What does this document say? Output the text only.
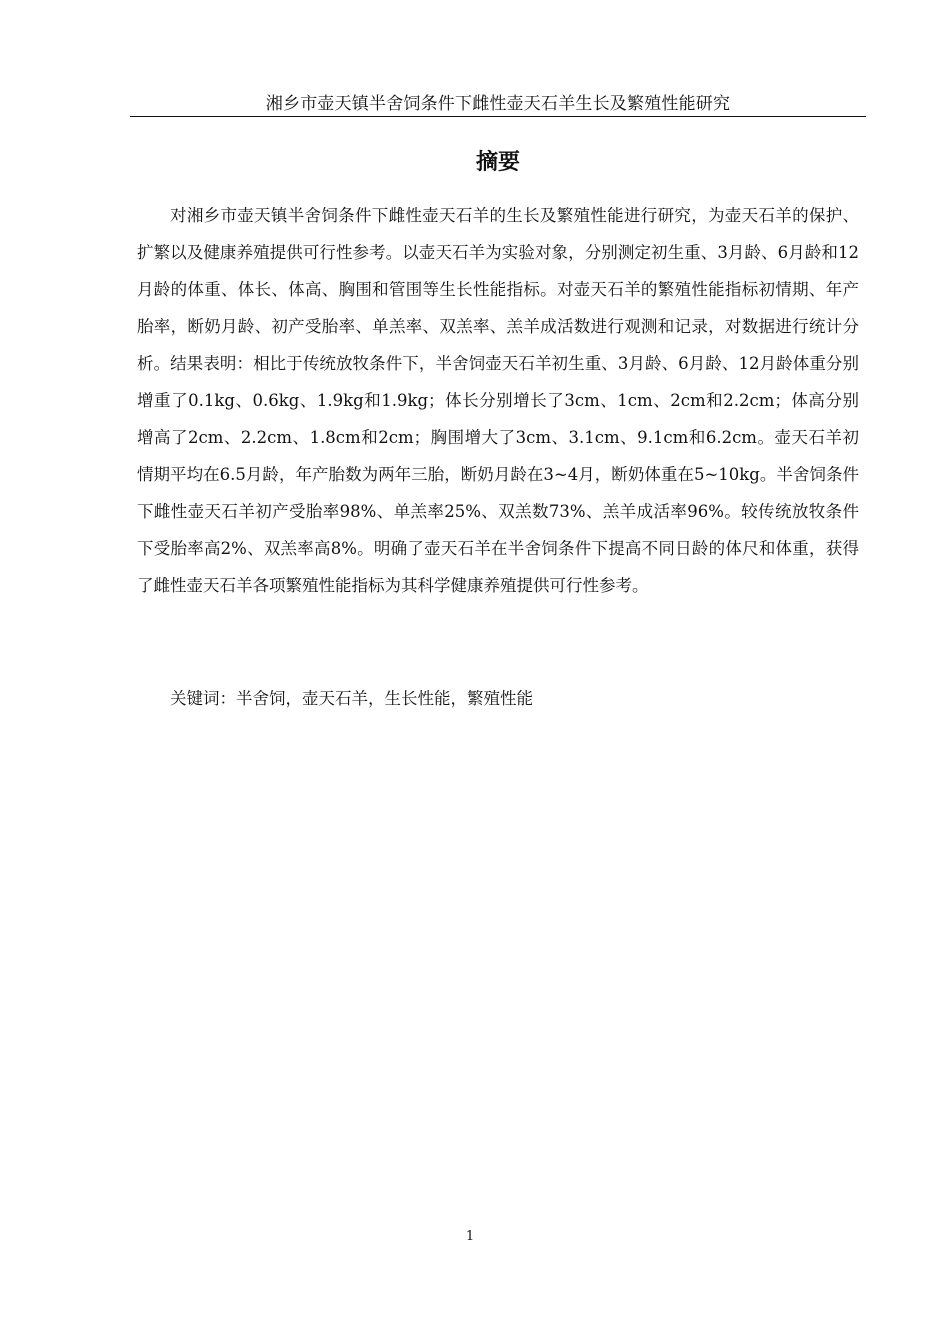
湘乡市壶天镇半舍饲条件下雌性壶天石羊生长及繁殖性能研究
摘要

对湘乡市壶天镇半舍饲条件下雌性壶天石羊的生长及繁殖性能进行研究，为壶天石羊的保护、扩繁以及健康养殖提供可行性参考。以壶天石羊为实验对象，分别测定初生重、3月龄、6月龄和12月龄的体重、体长、体高、胸围和管围等生长性能指标。对壶天石羊的繁殖性能指标初情期、年产胎率，断奶月龄、初产受胎率、单羔率、双羔率、羔羊成活数进行观测和记录，对数据进行统计分析。结果表明：相比于传统放牧条件下，半舍饲壶天石羊初生重、3月龄、6月龄、12月龄体重分别增重了0.1kg、0.6kg、1.9kg和1.9kg；体长分别增长了3cm、1cm、2cm和2.2cm；体高分别增高了2cm、2.2cm、1.8cm和2cm；胸围增大了3cm、3.1cm、9.1cm和6.2cm。壶天石羊初情期平均在6.5月龄，年产胎数为两年三胎，断奶月龄在3~4月，断奶体重在5~10kg。半舍饲条件下雌性壶天石羊初产受胎率98%、单羔率25%、双羔数73%、羔羊成活率96%。较传统放牧条件下受胎率高2%、双羔率高8%。明确了壶天石羊在半舍饲条件下提高不同日龄的体尺和体重，获得了雌性壶天石羊各项繁殖性能指标为其科学健康养殖提供可行性参考。

关键词：半舍饲，壶天石羊，生长性能，繁殖性能

1
